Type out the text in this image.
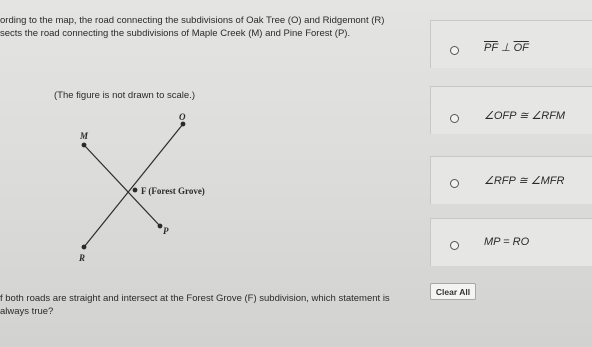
ording to the map, the road connecting the subdivisions of Oak Tree (O) and Ridgemont (R)
sects the road connecting the subdivisions of Maple Creek (M) and Pine Forest (P).
(The figure is not drawn to scale.)
O
M
F (Forest Grove)
P
R
f both roads are straight and intersect at the Forest Grove (F) subdivision, which statement is
always true?
$\overline{PF}$ ⊥ $\overline{OF}$
∠OFP ≅ ∠RFM
∠RFP ≅ ∠MFR
MP = RO
Clear All
